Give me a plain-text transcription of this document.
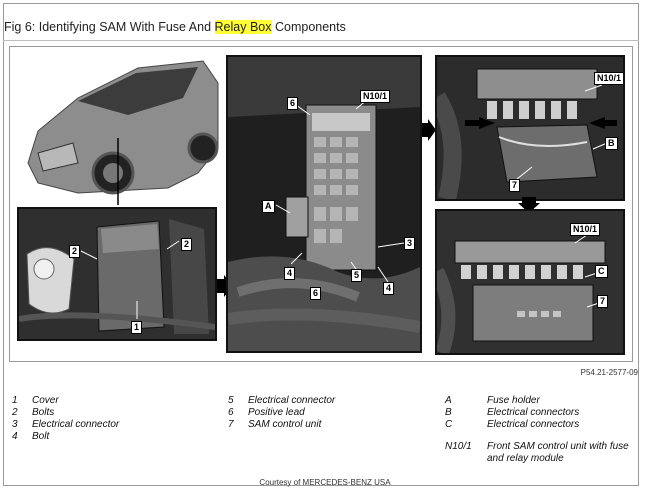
Fig 6: Identifying SAM With Fuse And Relay Box Components
2
2
1
6
N10/1
A
3
4	5
4
6
N10/1
B
7
N10/1
C
7
P54.21-2577-09
1 Cover
2 Bolts
3 Electrical connector
4 Bolt
5 Electrical connector
6 Positive lead
7 SAM control unit
A	Fuse holder
B	Electrical connectors
C	Electrical connectors
N10/1 Front SAM control unit with fuse and relay module
Courtesy of MERCEDES-BENZ USA
